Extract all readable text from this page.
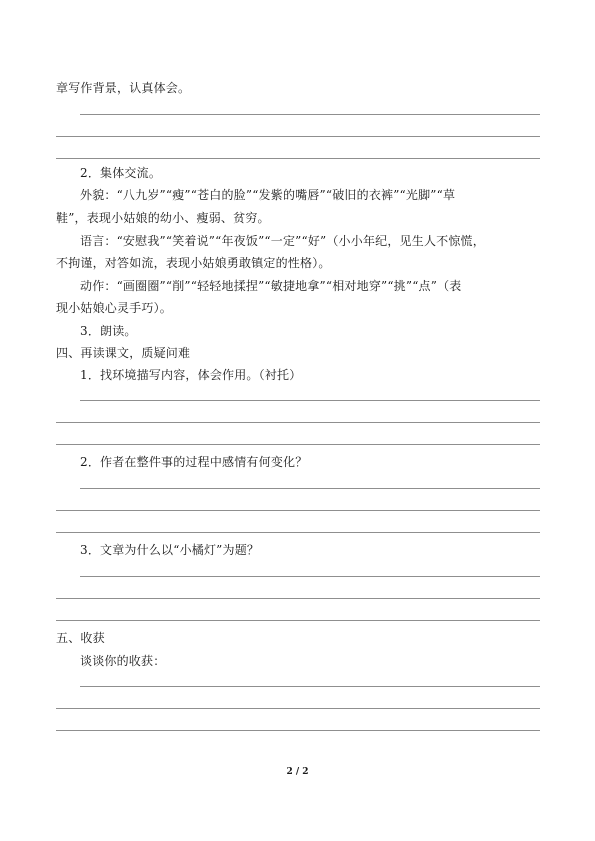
章写作背景，认真体会。
2．集体交流。
外貌：“八九岁”“瘦”“苍白的脸”“发紫的嘴唇”“破旧的衣裤”“光脚”“草
鞋”，表现小姑娘的幼小、瘦弱、贫穷。
语言：“安慰我”“笑着说”“年夜饭”“一定”“好”（小小年纪，见生人不惊慌，
不拘谨，对答如流，表现小姑娘勇敢镇定的性格）。
动作：“画圈圈”“削”“轻轻地揉捏”“敏捷地拿”“相对地穿”“挑”“点”（表
现小姑娘心灵手巧）。
3．朗读。
四、再读课文，质疑问难
1．找环境描写内容，体会作用。（衬托）
2．作者在整件事的过程中感情有何变化？
3．文章为什么以“小橘灯”为题？
五、收获
谈谈你的收获：
2 / 2
